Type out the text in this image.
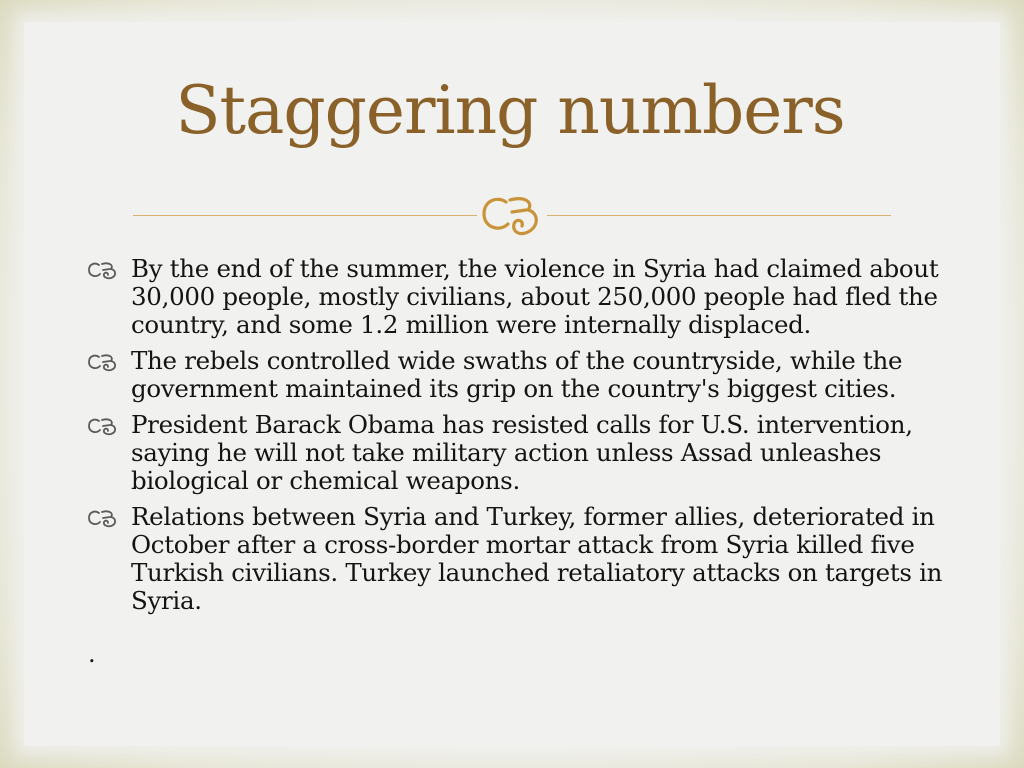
Staggering numbers
By the end of the summer, the violence in Syria had claimed about 30,000 people, mostly civilians, about 250,000 people had fled the country, and some 1.2 million were internally displaced.
The rebels controlled wide swaths of the countryside, while the government maintained its grip on the country's biggest cities.
President Barack Obama has resisted calls for U.S. intervention, saying he will not take military action unless Assad unleashes biological or chemical weapons.
Relations between Syria and Turkey, former allies, deteriorated in October after a cross-border mortar attack from Syria killed five Turkish civilians. Turkey launched retaliatory attacks on targets in Syria.
.
